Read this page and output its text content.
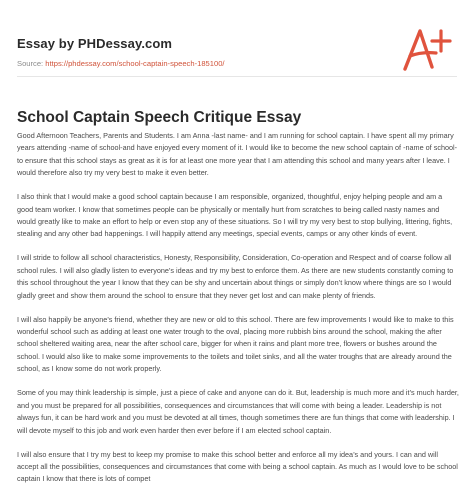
Essay by PHDessay.com
Source: https://phdessay.com/school-captain-speech-185100/
School Captain Speech Critique Essay

Good Afternoon Teachers, Parents and Students. I am Anna -last name- and I am running for school captain. I have spent all my primary years attending -name of school-and have enjoyed every moment of it. I would like to become the new school captain of -name of school-to ensure that this school stays as great as it is for at least one more year that I am attending this school and many years after I leave. I would therefore also try my very best to make it even better.

I also think that I would make a good school captain because I am responsible, organized, thoughtful, enjoy helping people and am a good team worker. I know that sometimes people can be physically or mentally hurt from scratches to being called nasty names and would greatly like to make an effort to help or even stop any of these situations. So I will try my very best to stop bullying, littering, fights, stealing and any other bad happenings. I will happily attend any meetings, special events, camps or any other kinds of event.

I will stride to follow all school characteristics, Honesty, Responsibility, Consideration, Co-operation and Respect and of coarse follow all school rules. I will also gladly listen to everyone’s ideas and try my best to enforce them. As there are new students constantly coming to this school throughout the year I know that they can be shy and uncertain about things or simply don’t know where things are so I would gladly greet and show them around the school to ensure that they never get lost and can make plenty of friends.

I will also happily be anyone’s friend, whether they are new or old to this school. There are few improvements I would like to make to this wonderful school such as adding at least one water trough to the oval, placing more rubbish bins around the school, making the after school sheltered waiting area, near the after school care, bigger for when it rains and plant more tree, flowers or bushes around the school. I would also like to make some improvements to the toilets and toilet sinks, and all the water troughs that are already around the school, as I know some do not work properly.

Some of you may think leadership is simple, just a piece of cake and anyone can do it. But, leadership is much more and it’s much harder, and you must be prepared for all possibilities, consequences and circumstances that will come with being a leader. Leadership is not always fun, it can be hard work and you must be devoted at all times, though sometimes there are fun things that come with leadership. I will devote myself to this job and work even harder then ever before if I am elected school captain.

I will also ensure that I try my best to keep my promise to make this school better and enforce all my idea’s and yours. I can and will accept all the possibilities, consequences and circumstances that come with being a school captain. As much as I would love to be school captain I know that there is lots of compet
